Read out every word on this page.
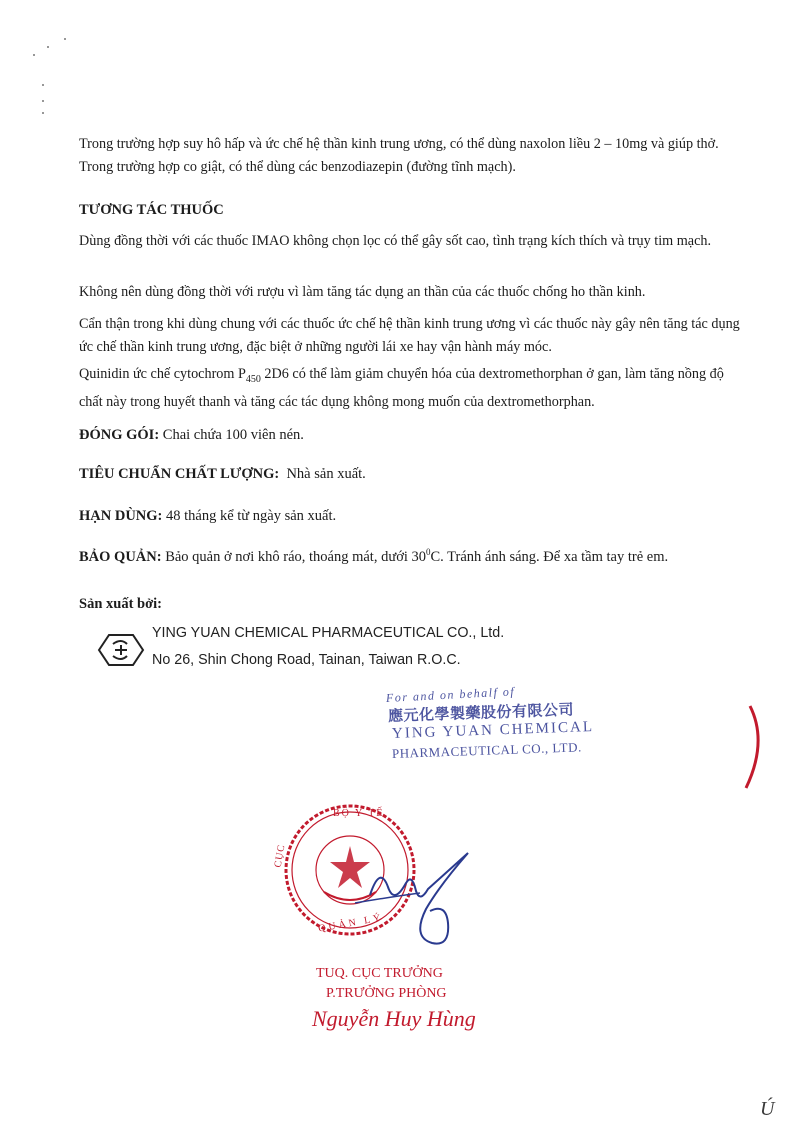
Trong trường hợp suy hô hấp và ức chế hệ thần kinh trung ương, có thể dùng naxolon liều 2 – 10mg và giúp thở. Trong trường hợp co giật, có thể dùng các benzodiazepin (đường tĩnh mạch).

TƯƠNG TÁC THUỐC

Dùng đồng thời với các thuốc IMAO không chọn lọc có thể gây sốt cao, tình trạng kích thích và trụy tim mạch.

Không nên dùng đồng thời với rượu vì làm tăng tác dụng an thần của các thuốc chống ho thần kinh.

Cẩn thận trong khi dùng chung với các thuốc ức chế hệ thần kinh trung ương vì các thuốc này gây nên tăng tác dụng ức chế thần kinh trung ương, đặc biệt ở những người lái xe hay vận hành máy móc.

Quinidin ức chế cytochrom $P_{450}$ 2D6 có thể làm giảm chuyển hóa của dextromethorphan ở gan, làm tăng nồng độ chất này trong huyết thanh và tăng các tác dụng không mong muốn của dextromethorphan.

ĐÓNG GÓI: Chai chứa 100 viên nén.

TIÊU CHUẨN CHẤT LƯỢNG:  Nhà sản xuất.

HẠN DÙNG: 48 tháng kể từ ngày sản xuất.

BẢO QUẢN: Bảo quản ở nơi khô ráo, thoáng mát, dưới $30^0C$. Tránh ánh sáng. Để xa tầm tay trẻ em.

Sản xuất bởi:

YING YUAN CHEMICAL PHARMACEUTICAL CO., Ltd.
No 26, Shin Chong Road, Tainan, Taiwan R.O.C.
For and on behalf of
應元化學製藥股份有限公司
YING YUAN CHEMICAL
PHARMACEUTICAL CO., LTD.
BỘ Y TẾ
CỤC
QUẢN LÝ
TUQ. CỤC TRƯỞNG
P.TRƯỞNG PHÒNG
Nguyễn Huy Hùng
Ú
